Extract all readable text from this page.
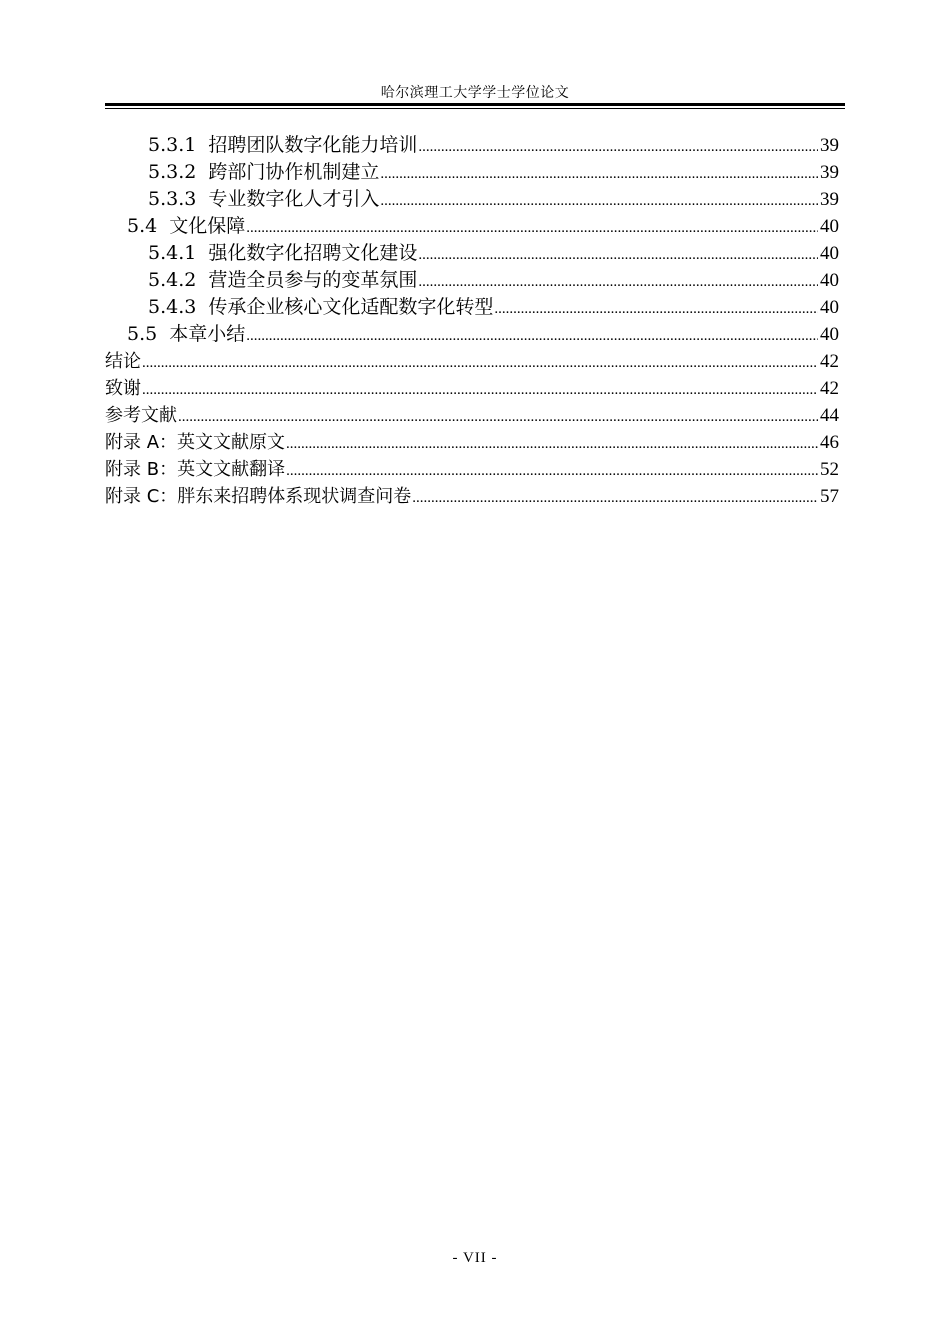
哈尔滨理工大学学士学位论文
5.3.1 招聘团队数字化能力培训 .....	39
5.3.2 跨部门协作机制建立 .....	39
5.3.3 专业数字化人才引入 .....	39
5.4 文化保障 .....	40
5.4.1 强化数字化招聘文化建设 .....	40
5.4.2 营造全员参与的变革氛围 .....	40
5.4.3 传承企业核心文化适配数字化转型 .....	40
5.5 本章小结 .....	40
结论 .....	42
致谢 .....	42
参考文献 .....	44
附录 A：英文文献原文 .....	46
附录 B：英文文献翻译 .....	52
附录 C：胖东来招聘体系现状调查问卷 .....	57
- VII -
